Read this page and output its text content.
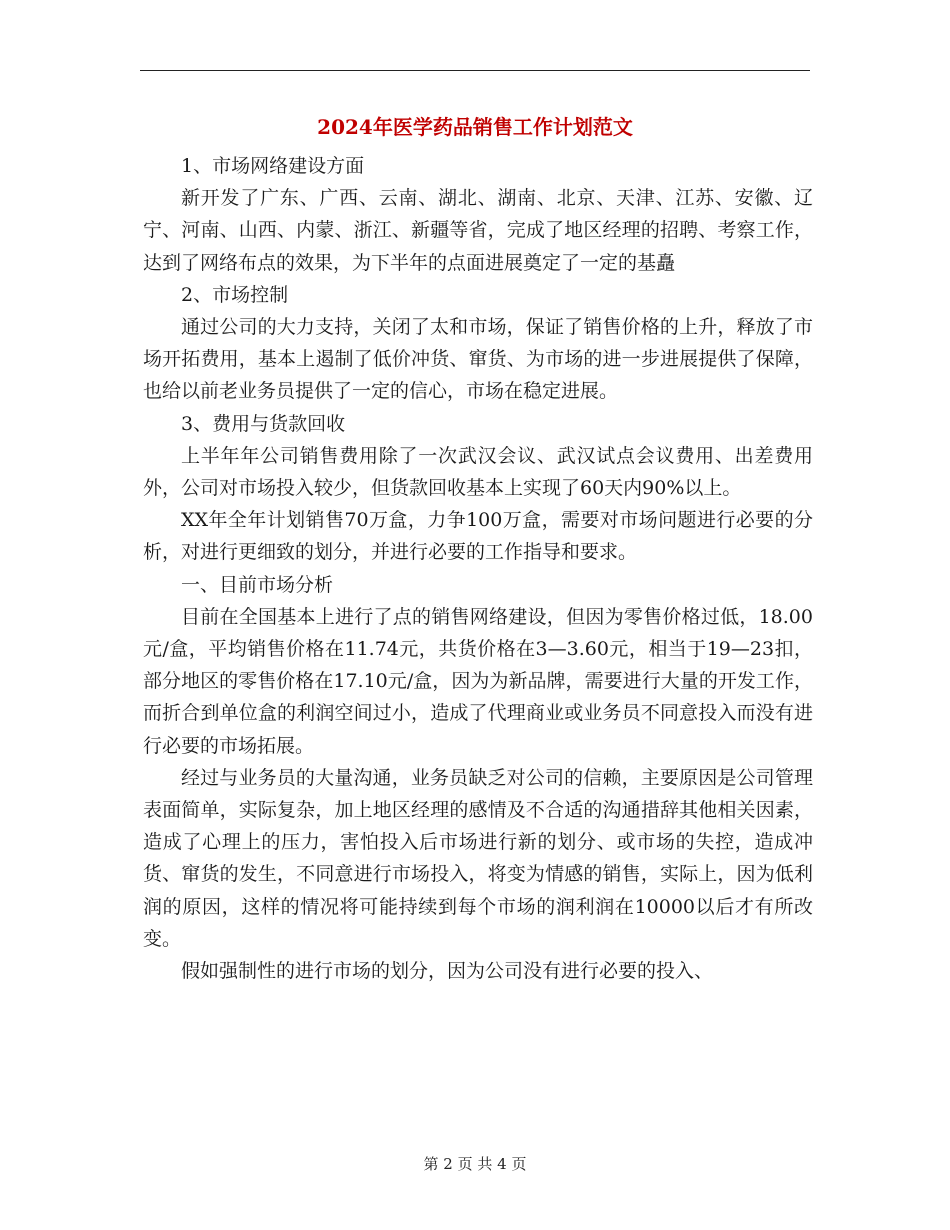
2024年医学药品销售工作计划范文

1、市场网络建设方面

新开发了广东、广西、云南、湖北、湖南、北京、天津、江苏、安徽、辽宁、河南、山西、内蒙、浙江、新疆等省，完成了地区经理的招聘、考察工作，达到了网络布点的效果，为下半年的点面进展奠定了一定的基矗

2、市场控制

通过公司的大力支持，关闭了太和市场，保证了销售价格的上升，释放了市场开拓费用，基本上遏制了低价冲货、窜货、为市场的进一步进展提供了保障，也给以前老业务员提供了一定的信心，市场在稳定进展。

3、费用与货款回收

上半年年公司销售费用除了一次武汉会议、武汉试点会议费用、出差费用外，公司对市场投入较少，但货款回收基本上实现了60天内90%以上。

XX年全年计划销售70万盒，力争100万盒，需要对市场问题进行必要的分析，对进行更细致的划分，并进行必要的工作指导和要求。

一、目前市场分析

目前在全国基本上进行了点的销售网络建设，但因为零售价格过低，18.00元/盒，平均销售价格在11.74元，共货价格在3—3.60元，相当于19—23扣，部分地区的零售价格在17.10元/盒，因为为新品牌，需要进行大量的开发工作，而折合到单位盒的利润空间过小，造成了代理商业或业务员不同意投入而没有进行必要的市场拓展。

经过与业务员的大量沟通，业务员缺乏对公司的信赖，主要原因是公司管理表面简单，实际复杂，加上地区经理的感情及不合适的沟通措辞其他相关因素，造成了心理上的压力，害怕投入后市场进行新的划分、或市场的失控，造成冲货、窜货的发生，不同意进行市场投入，将变为情感的销售，实际上，因为低利润的原因，这样的情况将可能持续到每个市场的润利润在10000以后才有所改变。

假如强制性的进行市场的划分，因为公司没有进行必要的投入、

第 2 页 共 4 页
